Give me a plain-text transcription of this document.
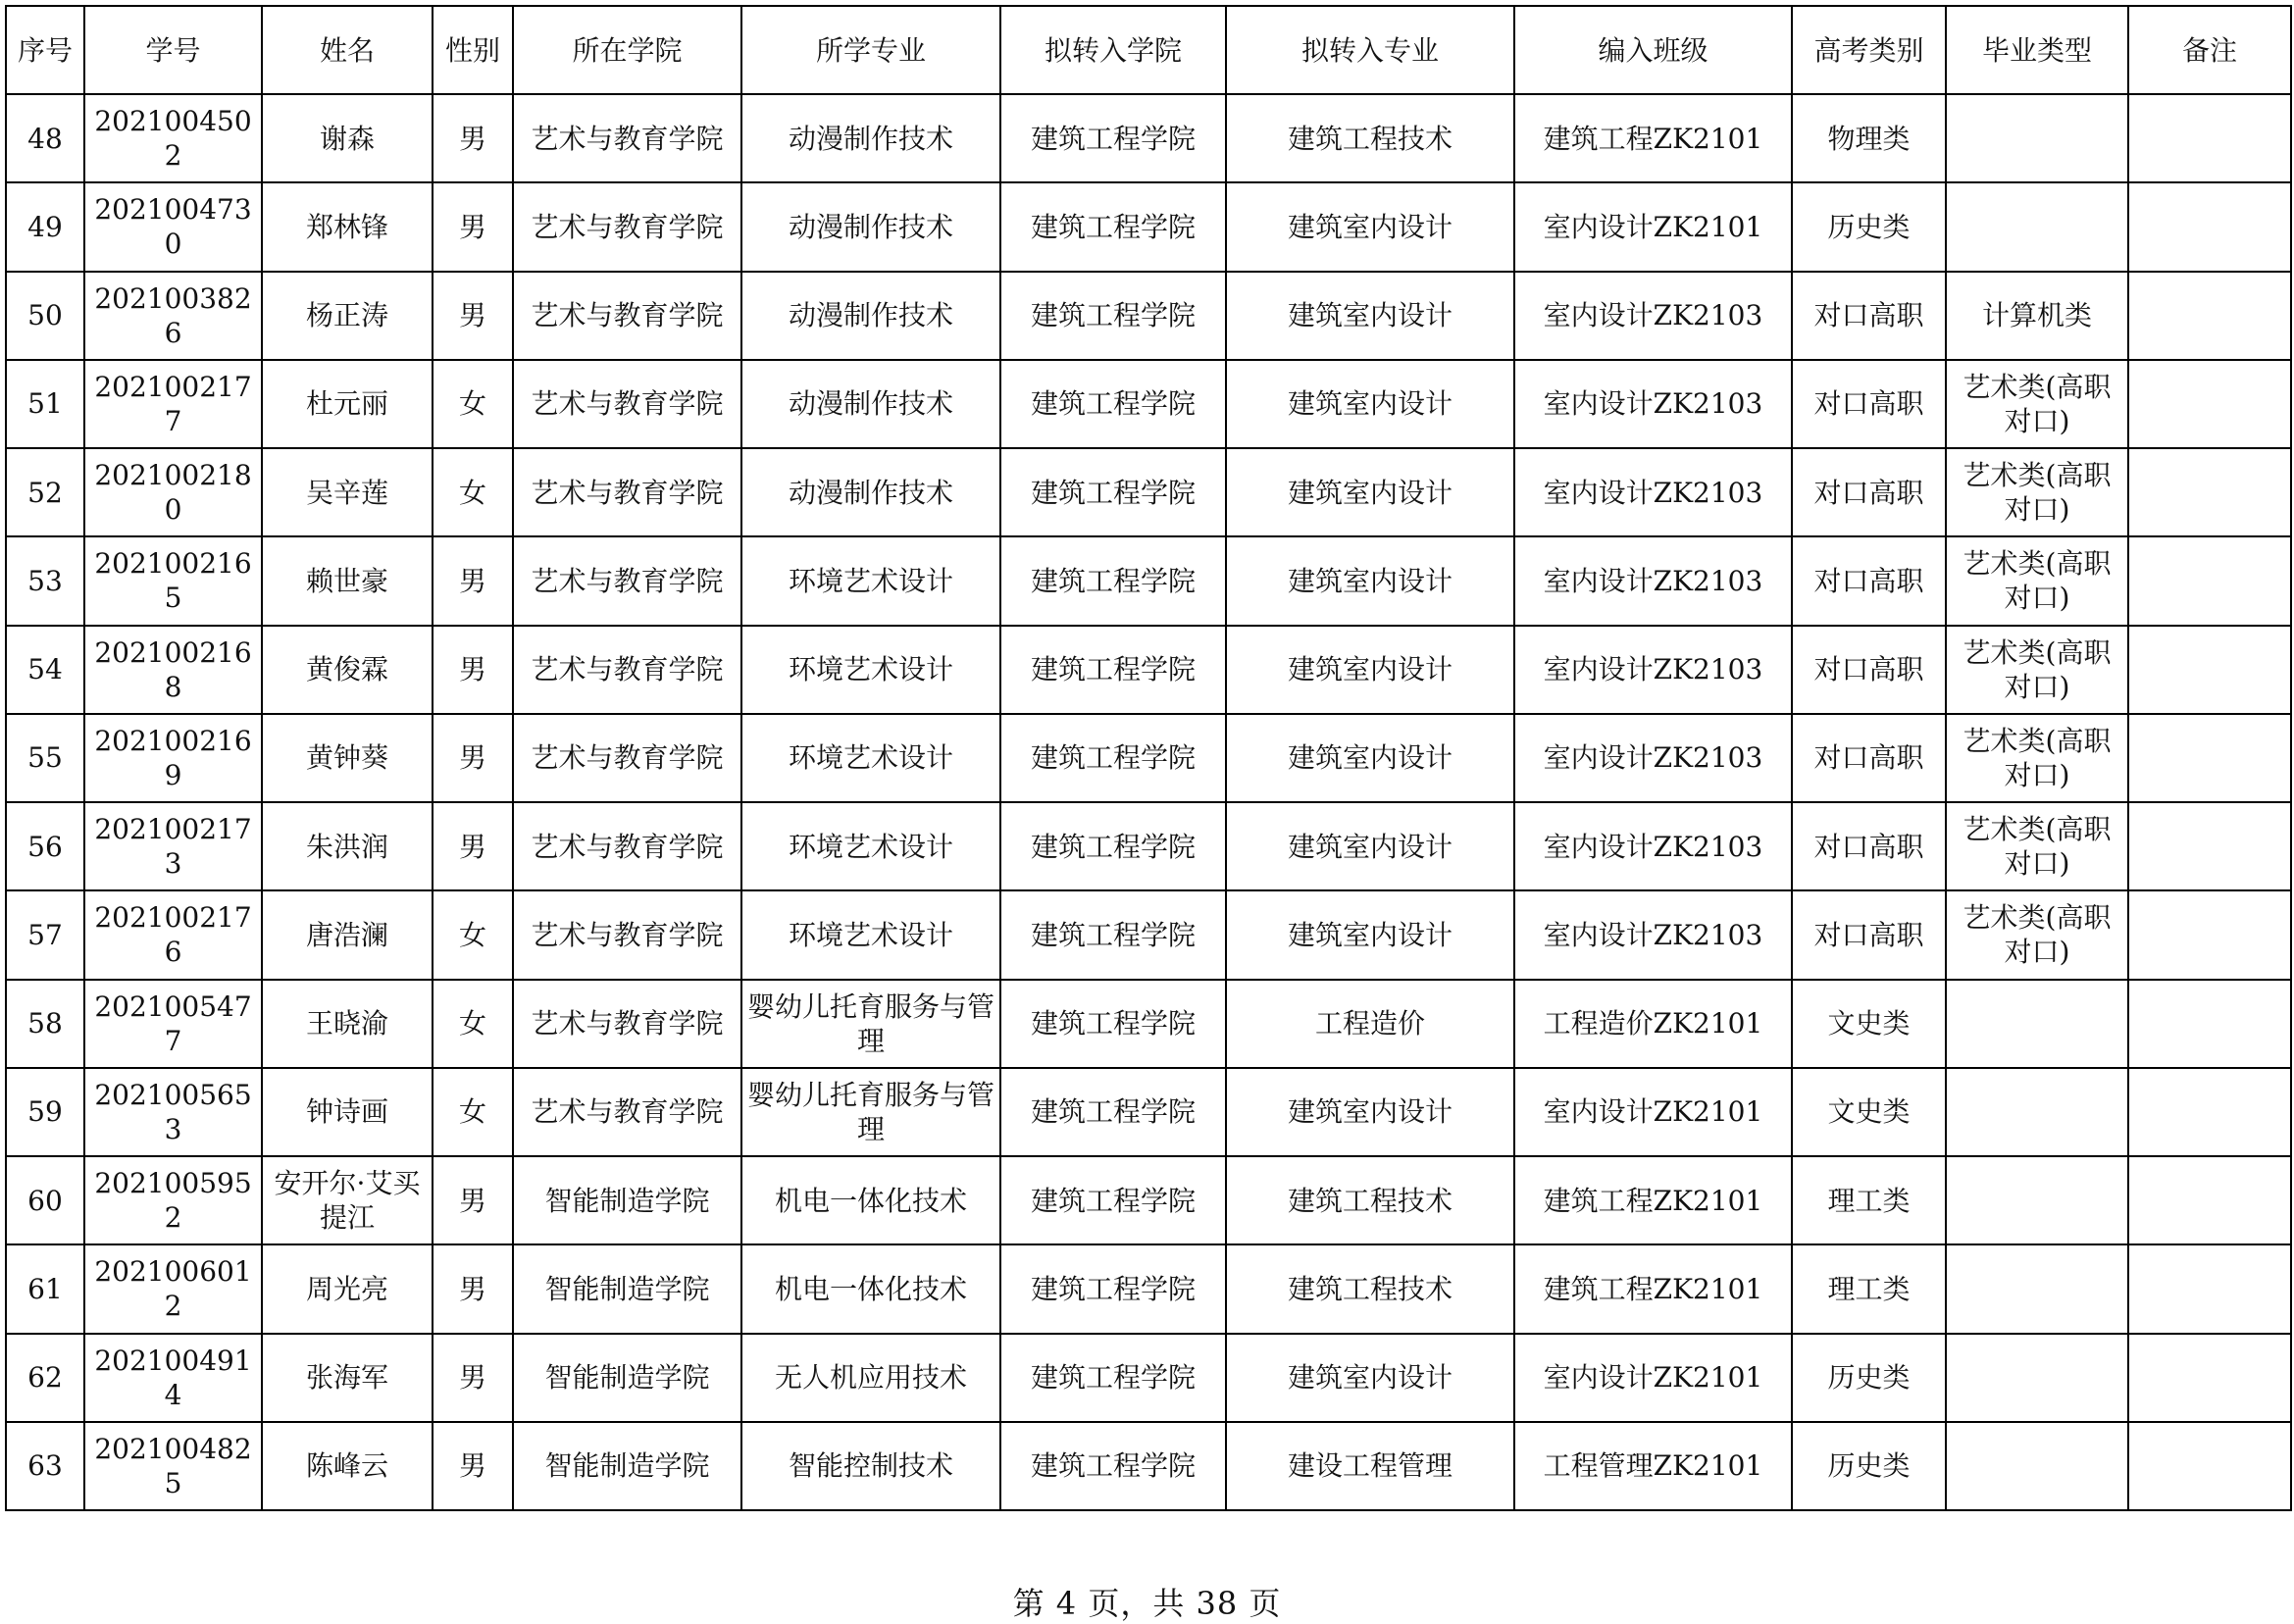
序号	学号	姓名	性别	所在学院	所学专业	拟转入学院	拟转入专业	编入班级	高考类别	毕业类型	备注
48	2021004502	谢森	男	艺术与教育学院	动漫制作技术	建筑工程学院	建筑工程技术	建筑工程ZK2101	物理类		
49	2021004730	郑林锋	男	艺术与教育学院	动漫制作技术	建筑工程学院	建筑室内设计	室内设计ZK2101	历史类		
50	2021003826	杨正涛	男	艺术与教育学院	动漫制作技术	建筑工程学院	建筑室内设计	室内设计ZK2103	对口高职	计算机类	
51	2021002177	杜元丽	女	艺术与教育学院	动漫制作技术	建筑工程学院	建筑室内设计	室内设计ZK2103	对口高职	艺术类(高职对口)	
52	2021002180	吴辛莲	女	艺术与教育学院	动漫制作技术	建筑工程学院	建筑室内设计	室内设计ZK2103	对口高职	艺术类(高职对口)	
53	2021002165	赖世豪	男	艺术与教育学院	环境艺术设计	建筑工程学院	建筑室内设计	室内设计ZK2103	对口高职	艺术类(高职对口)	
54	2021002168	黄俊霖	男	艺术与教育学院	环境艺术设计	建筑工程学院	建筑室内设计	室内设计ZK2103	对口高职	艺术类(高职对口)	
55	2021002169	黄钟葵	男	艺术与教育学院	环境艺术设计	建筑工程学院	建筑室内设计	室内设计ZK2103	对口高职	艺术类(高职对口)	
56	2021002173	朱洪润	男	艺术与教育学院	环境艺术设计	建筑工程学院	建筑室内设计	室内设计ZK2103	对口高职	艺术类(高职对口)	
57	2021002176	唐浩澜	女	艺术与教育学院	环境艺术设计	建筑工程学院	建筑室内设计	室内设计ZK2103	对口高职	艺术类(高职对口)	
58	2021005477	王晓渝	女	艺术与教育学院	婴幼儿托育服务与管理	建筑工程学院	工程造价	工程造价ZK2101	文史类		
59	2021005653	钟诗画	女	艺术与教育学院	婴幼儿托育服务与管理	建筑工程学院	建筑室内设计	室内设计ZK2101	文史类		
60	2021005952	安开尔·艾买提江	男	智能制造学院	机电一体化技术	建筑工程学院	建筑工程技术	建筑工程ZK2101	理工类		
61	2021006012	周光亮	男	智能制造学院	机电一体化技术	建筑工程学院	建筑工程技术	建筑工程ZK2101	理工类		
62	2021004914	张海军	男	智能制造学院	无人机应用技术	建筑工程学院	建筑室内设计	室内设计ZK2101	历史类		
63	2021004825	陈峰云	男	智能制造学院	智能控制技术	建筑工程学院	建设工程管理	工程管理ZK2101	历史类		
第 4 页，共 38 页
